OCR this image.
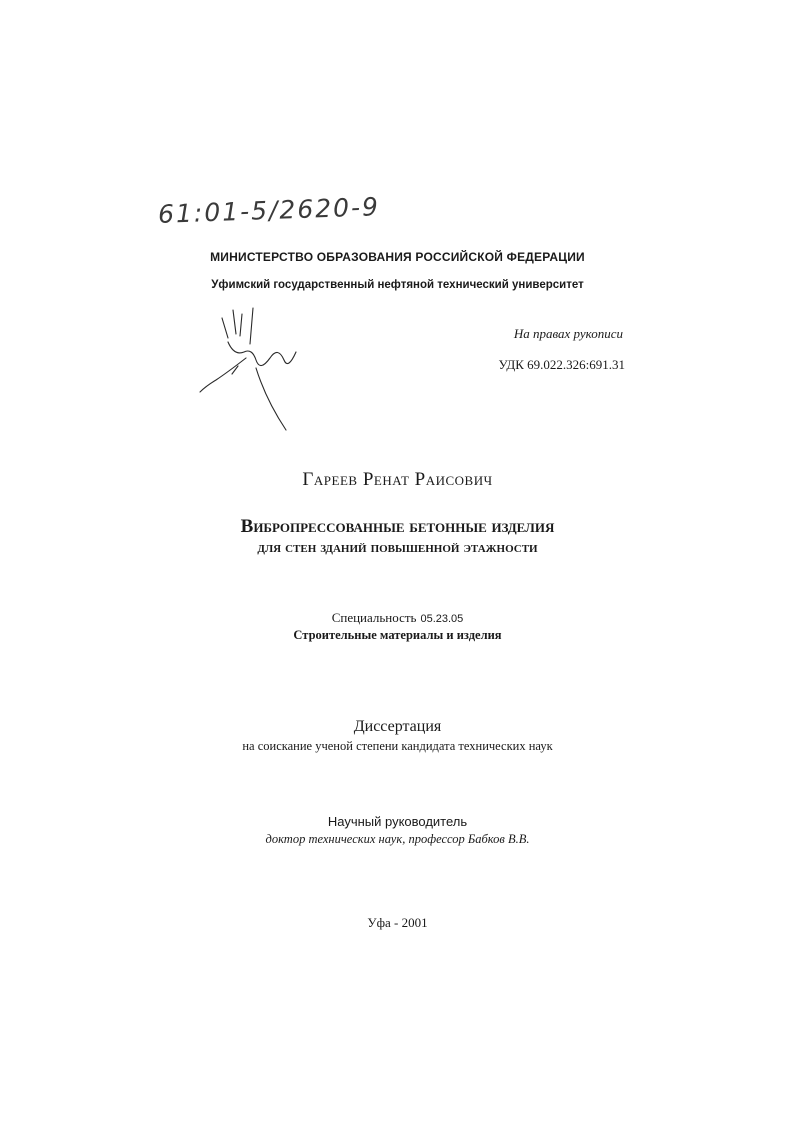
61:01-5/2620-9
МИНИСТЕРСТВО ОБРАЗОВАНИЯ РОССИЙСКОЙ ФЕДЕРАЦИИ
Уфимский государственный нефтяной технический университет
На правах рукописи
УДК 69.022.326:691.31
Гареев Ренат Раисович
Вибропрессованные бетонные изделия
для стен зданий повышенной этажности
Специальность 05.23.05
Строительные материалы и изделия
Диссертация
на соискание ученой степени кандидата технических наук
Научный руководитель
доктор технических наук, профессор Бабков В.В.
Уфа - 2001
